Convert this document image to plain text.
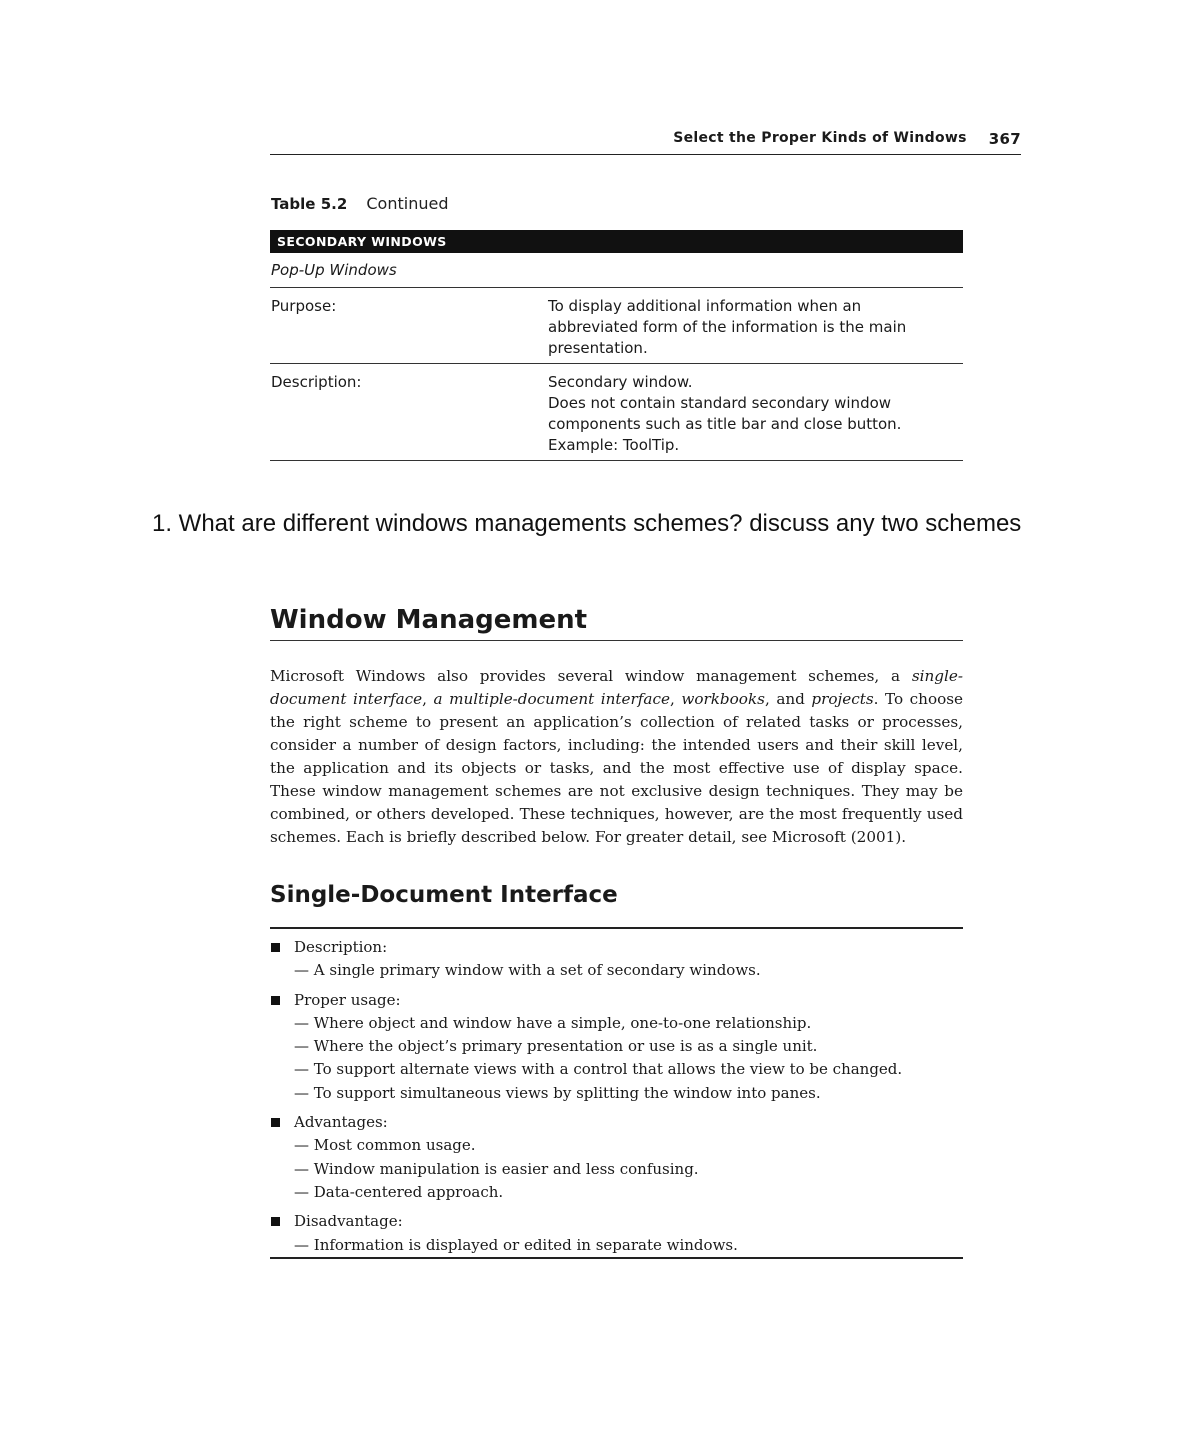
Select the Proper Kinds of Windows 367
Table 5.2 Continued
SECONDARY WINDOWS
Pop-Up Windows
Purpose:	To display additional information when an
abbreviated form of the information is the main
presentation.
Description:	Secondary window.
Does not contain standard secondary window
components such as title bar and close button.
Example: ToolTip.
1. What are different windows managements schemes? discuss any two schemes
Window Management
Microsoft Windows also provides several window management schemes, a single-document interface, a multiple-document interface, workbooks, and projects. To choose the right scheme to present an application’s collection of related tasks or processes, consider a number of design factors, including: the intended users and their skill level, the application and its objects or tasks, and the most effective use of display space. These window management schemes are not exclusive design techniques. They may be combined, or others developed. These techniques, however, are the most frequently used schemes. Each is briefly described below. For greater detail, see Microsoft (2001).
Single-Document Interface
Description:
— A single primary window with a set of secondary windows.
Proper usage:
— Where object and window have a simple, one-to-one relationship.
— Where the object’s primary presentation or use is as a single unit.
— To support alternate views with a control that allows the view to be changed.
— To support simultaneous views by splitting the window into panes.
Advantages:
— Most common usage.
— Window manipulation is easier and less confusing.
— Data-centered approach.
Disadvantage:
— Information is displayed or edited in separate windows.
